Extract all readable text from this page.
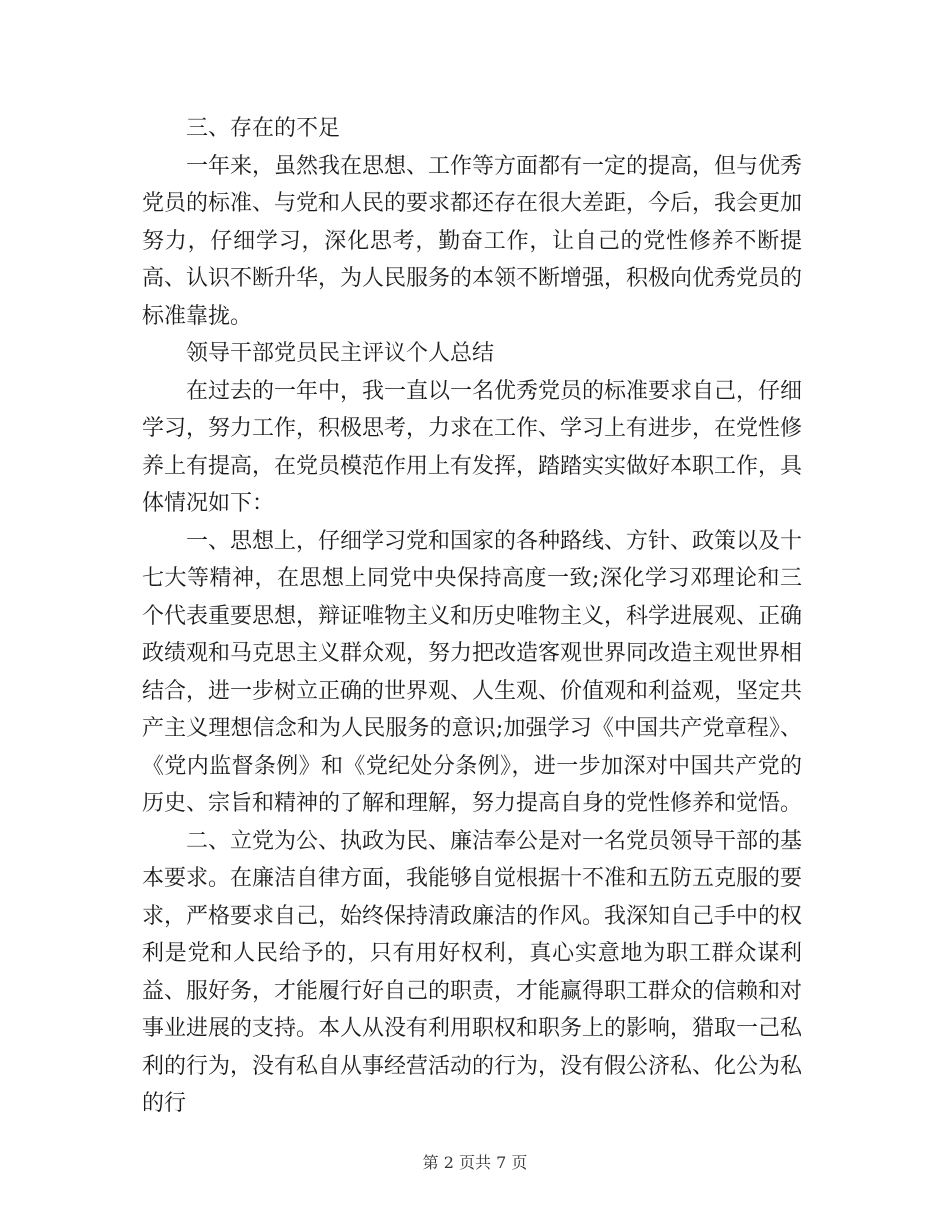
三、存在的不足

一年来，虽然我在思想、工作等方面都有一定的提高，但与优秀党员的标准、与党和人民的要求都还存在很大差距，今后，我会更加努力，仔细学习，深化思考，勤奋工作，让自己的党性修养不断提高、认识不断升华，为人民服务的本领不断增强，积极向优秀党员的标准靠拢。

领导干部党员民主评议个人总结

在过去的一年中，我一直以一名优秀党员的标准要求自己，仔细学习，努力工作，积极思考，力求在工作、学习上有进步，在党性修养上有提高，在党员模范作用上有发挥，踏踏实实做好本职工作，具体情况如下：

一、思想上，仔细学习党和国家的各种路线、方针、政策以及十七大等精神，在思想上同党中央保持高度一致;深化学习邓理论和三个代表重要思想，辩证唯物主义和历史唯物主义，科学进展观、正确政绩观和马克思主义群众观，努力把改造客观世界同改造主观世界相结合，进一步树立正确的世界观、人生观、价值观和利益观，坚定共产主义理想信念和为人民服务的意识;加强学习《中国共产党章程》、《党内监督条例》和《党纪处分条例》，进一步加深对中国共产党的历史、宗旨和精神的了解和理解，努力提高自身的党性修养和觉悟。

二、立党为公、执政为民、廉洁奉公是对一名党员领导干部的基本要求。在廉洁自律方面，我能够自觉根据十不准和五防五克服的要求，严格要求自己，始终保持清政廉洁的作风。我深知自己手中的权利是党和人民给予的，只有用好权利，真心实意地为职工群众谋利益、服好务，才能履行好自己的职责，才能赢得职工群众的信赖和对事业进展的支持。本人从没有利用职权和职务上的影响，猎取一己私利的行为，没有私自从事经营活动的行为，没有假公济私、化公为私的行

第 2 页共 7 页
